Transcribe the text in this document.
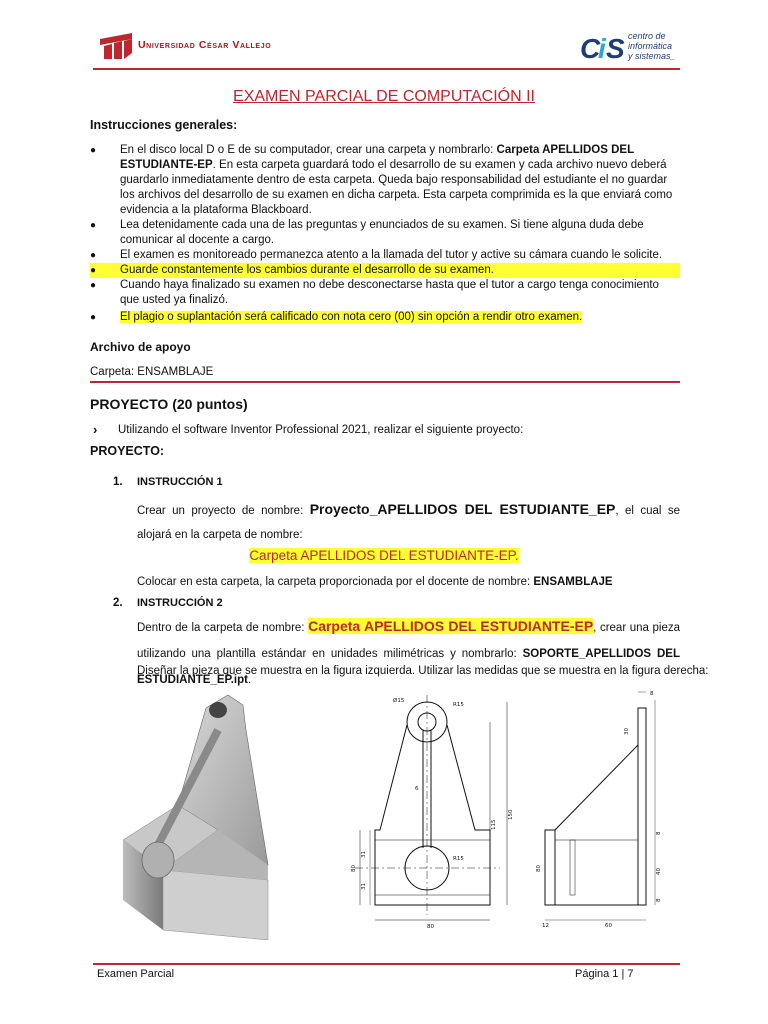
Universidad César Vallejo	C
i S centro de
informática
y sistemas_
EXAMEN PARCIAL DE COMPUTACIÓN II
Instrucciones generales:
● En el disco local D o E de su computador, crear una carpeta y nombrarlo: Carpeta APELLIDOS DEL ESTUDIANTE-EP. En esta carpeta guardará todo el desarrollo de su examen y cada archivo nuevo deberá guardarlo inmediatamente dentro de esta carpeta. Queda bajo responsabilidad del estudiante el no guardar los archivos del desarrollo de su examen en dicha carpeta. Esta carpeta comprimida es la que enviará como evidencia a la plataforma Blackboard.
● Lea detenidamente cada una de las preguntas y enunciados de su examen. Si tiene alguna duda debe comunicar al docente a cargo.
● El examen es monitoreado permanezca atento a la llamada del tutor y active su cámara cuando le solicite.
● Guarde constantemente los cambios durante el desarrollo de su examen.
● Cuando haya finalizado su examen no debe desconectarse hasta que el tutor a cargo tenga conocimiento que usted ya finalizó.
● El plagio o suplantación será calificado con nota cero (00) sin opción a rendir otro examen.
Archivo de apoyo
Carpeta: ENSAMBLAJE
PROYECTO (20 puntos)
› Utilizando el software Inventor Professional 2021, realizar el siguiente proyecto:
PROYECTO:
1. INSTRUCCIÓN 1
Crear un proyecto de nombre: Proyecto_APELLIDOS DEL ESTUDIANTE_EP, el cual se alojará en la carpeta de nombre:
Carpeta APELLIDOS DEL ESTUDIANTE-EP.
Colocar en esta carpeta, la carpeta proporcionada por el docente de nombre: ENSAMBLAJE
2. INSTRUCCIÓN 2
Dentro de la carpeta de nombre: Carpeta APELLIDOS DEL ESTUDIANTE-EP, crear una pieza utilizando una plantilla estándar en unidades milimétricas y nombrarlo: SOPORTE_APELLIDOS DEL ESTUDIANTE_EP.ipt.
Diseñar la pieza que se muestra en la figura izquierda. Utilizar las medidas que se muestra en la figura derecha:
Ø15
R15
6
R15
115
150
31
31
80
80
8
30
8
80	40
8
12	60
Examen Parcial	Página 1 | 7
